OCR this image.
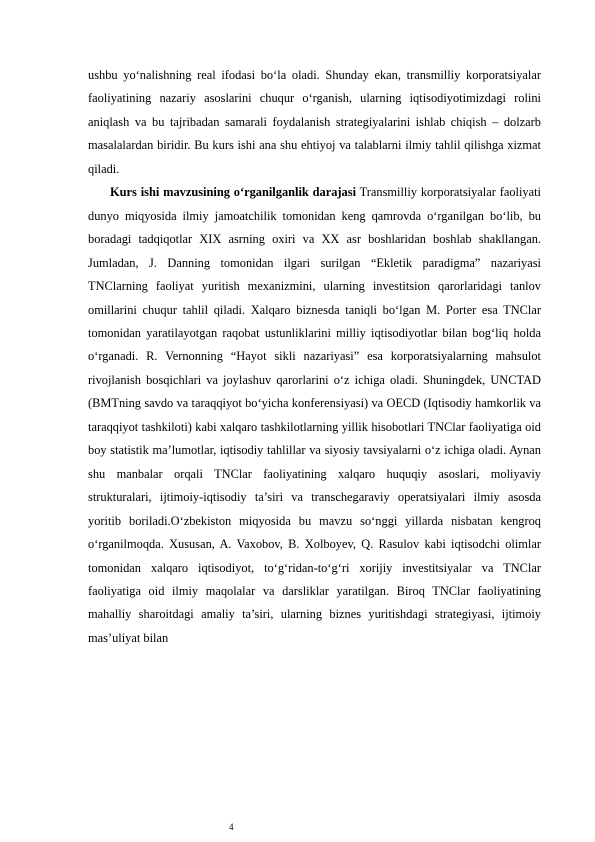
ushbu yo‘nalishning real ifodasi bo‘la oladi. Shunday ekan, transmilliy korporatsiyalar faoliyatining nazariy asoslarini chuqur o‘rganish, ularning iqtisodiyotimizdagi rolini aniqlash va bu tajribadan samarali foydalanish strategiyalarini ishlab chiqish – dolzarb masalalardan biridir. Bu kurs ishi ana shu ehtiyoj va talablarni ilmiy tahlil qilishga xizmat qiladi.

Kurs ishi mavzusining o‘rganilganlik darajasi Transmilliy korporatsiyalar faoliyati dunyo miqyosida ilmiy jamoatchilik tomonidan keng qamrovda o‘rganilgan bo‘lib, bu boradagi tadqiqotlar XIX asrning oxiri va XX asr boshlaridan boshlab shakllangan. Jumladan, J. Danning tomonidan ilgari surilgan “Ekletik paradigma” nazariyasi TNClarning faoliyat yuritish mexanizmini, ularning investitsion qarorlaridagi tanlov omillarini chuqur tahlil qiladi. Xalqaro biznesda taniqli bo‘lgan M. Porter esa TNClar tomonidan yaratilayotgan raqobat ustunliklarini milliy iqtisodiyotlar bilan bog‘liq holda o‘rganadi. R. Vernonning “Hayot sikli nazariyasi” esa korporatsiyalarning mahsulot rivojlanish bosqichlari va joylashuv qarorlarini o‘z ichiga oladi. Shuningdek, UNCTAD (BMTning savdo va taraqqiyot bo‘yicha konferensiyasi) va OECD (Iqtisodiy hamkorlik va taraqqiyot tashkiloti) kabi xalqaro tashkilotlarning yillik hisobotlari TNClar faoliyatiga oid boy statistik ma’lumotlar, iqtisodiy tahlillar va siyosiy tavsiyalarni o‘z ichiga oladi. Aynan shu manbalar orqali TNClar faoliyatining xalqaro huquqiy asoslari, moliyaviy strukturalari, ijtimoiy-iqtisodiy ta’siri va transchegaraviy operatsiyalari ilmiy asosda yoritib boriladi.O‘zbekiston miqyosida bu mavzu so‘nggi yillarda nisbatan kengroq o‘rganilmoqda. Xususan, A. Vaxobov, B. Xolboyev, Q. Rasulov kabi iqtisodchi olimlar tomonidan xalqaro iqtisodiyot, to‘g‘ridan-to‘g‘ri xorijiy investitsiyalar va TNClar faoliyatiga oid ilmiy maqolalar va darsliklar yaratilgan. Biroq TNClar faoliyatining mahalliy sharoitdagi amaliy ta’siri, ularning biznes yuritishdagi strategiyasi, ijtimoiy mas’uliyat bilan

4
